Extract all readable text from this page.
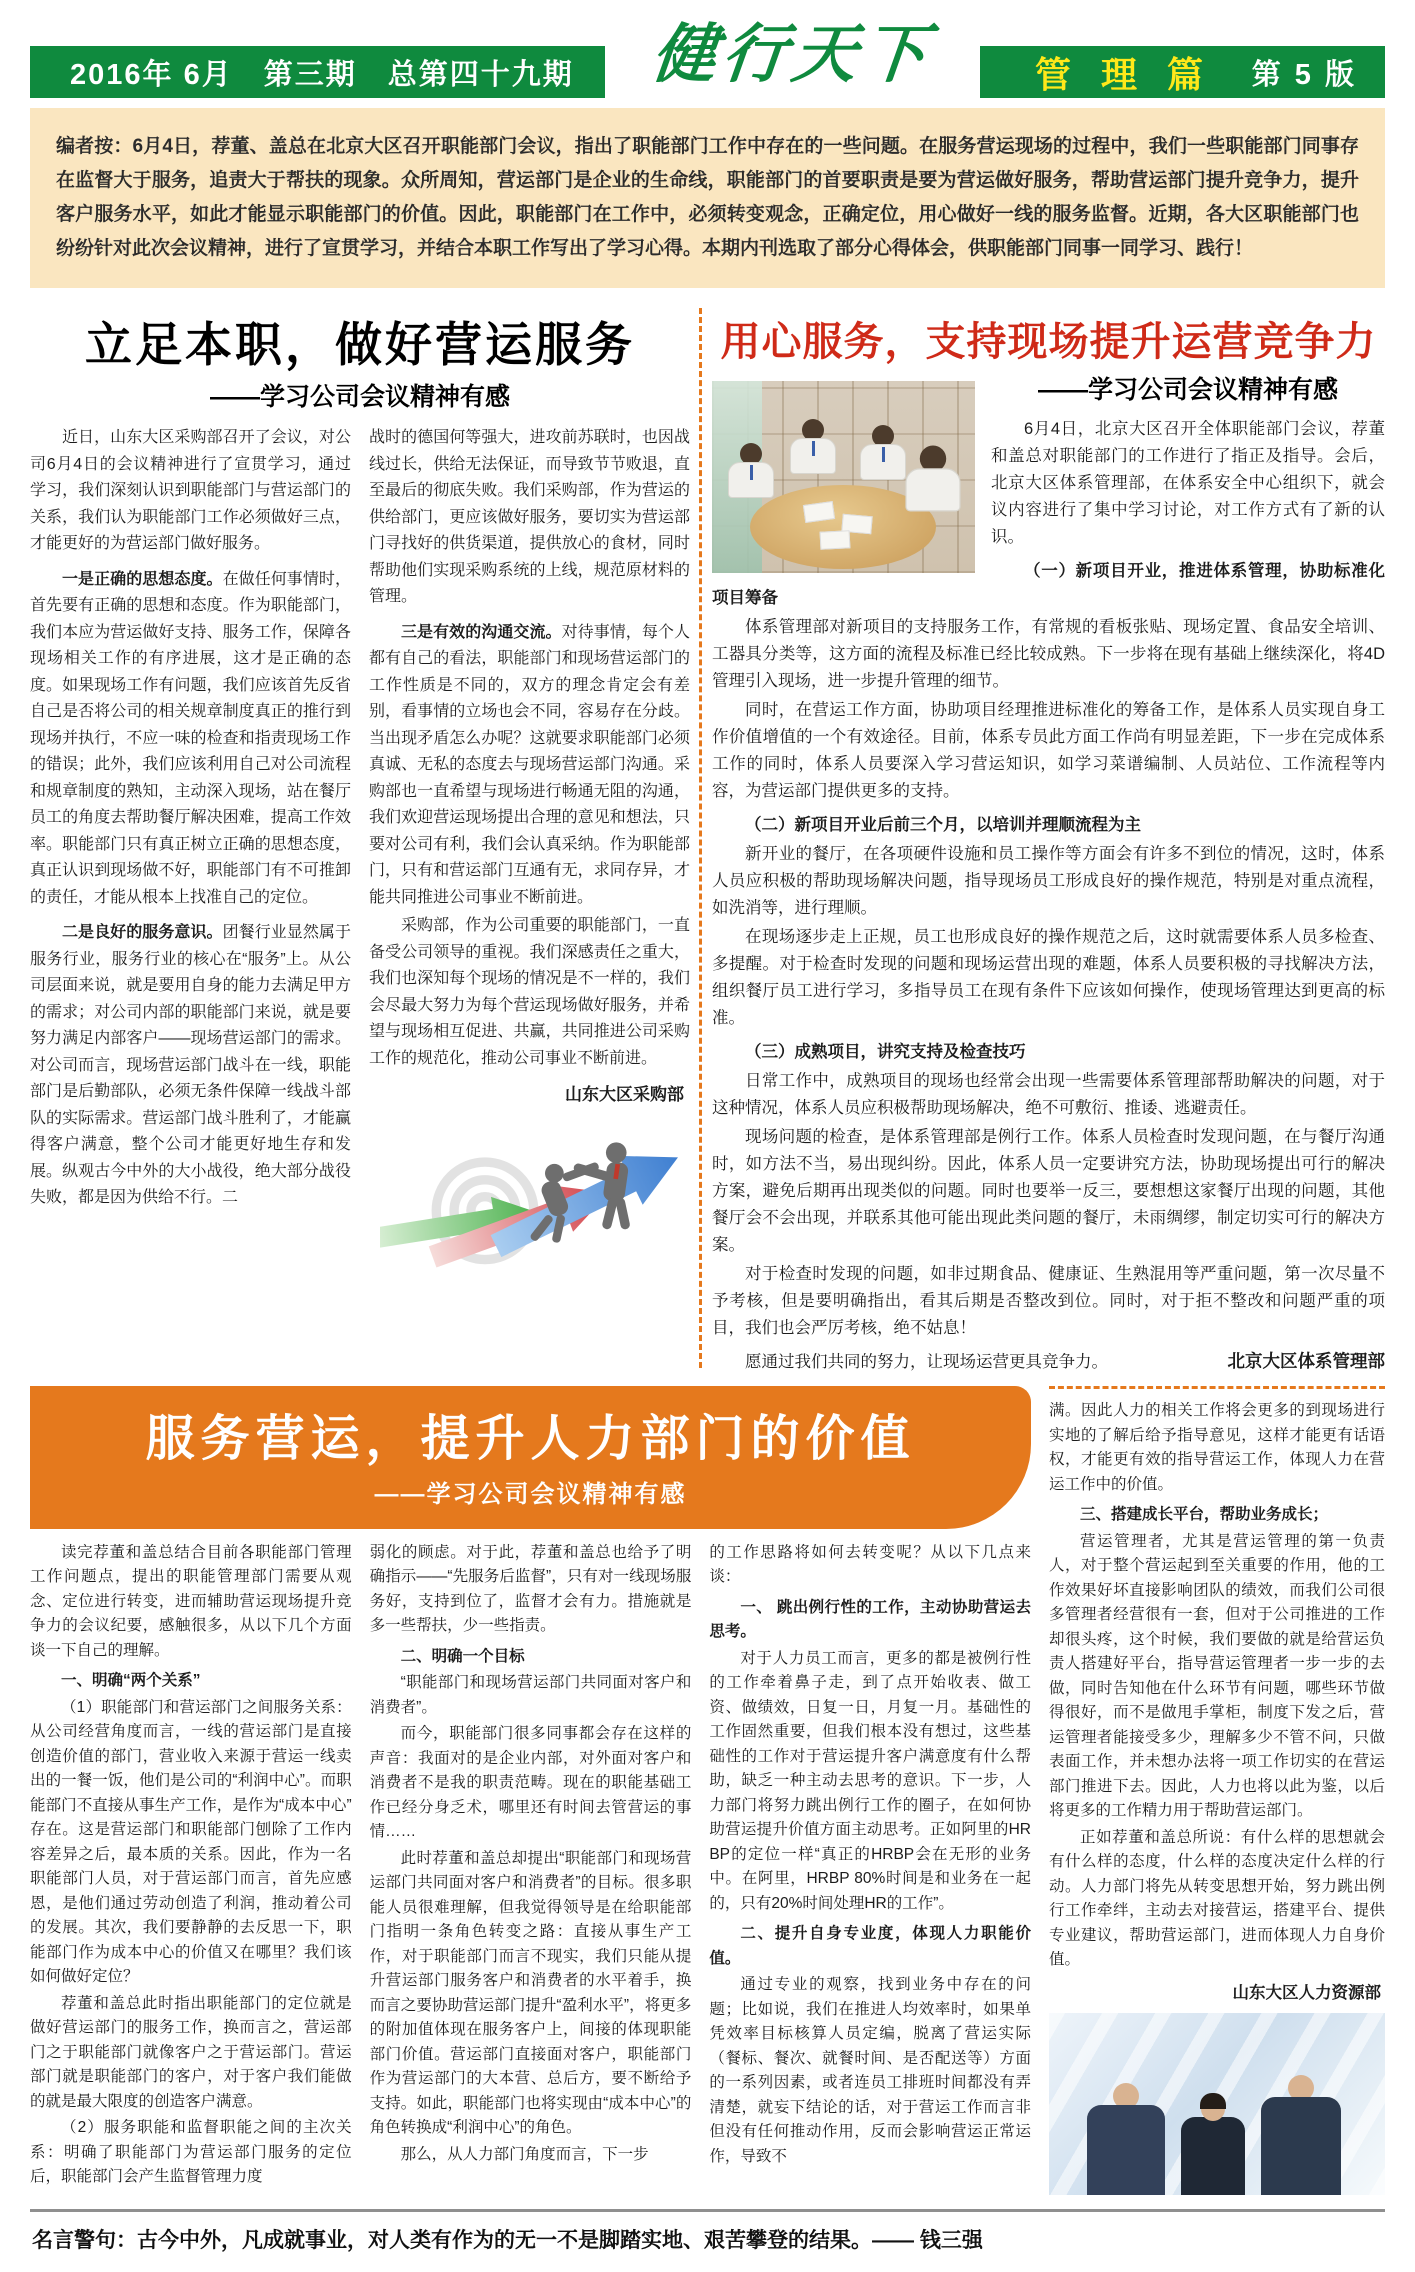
2016年 6月　第三期　总第四十九期	健行天下	管 理 篇 第 5 版

编者按：6月4日，荐董、盖总在北京大区召开职能部门会议，指出了职能部门工作中存在的一些问题。在服务营运现场的过程中，我们一些职能部门同事存在监督大于服务，追责大于帮扶的现象。众所周知，营运部门是企业的生命线，职能部门的首要职责是要为营运做好服务，帮助营运部门提升竞争力，提升客户服务水平，如此才能显示职能部门的价值。因此，职能部门在工作中，必须转变观念，正确定位，用心做好一线的服务监督。近期，各大区职能部门也纷纷针对此次会议精神，进行了宣贯学习，并结合本职工作写出了学习心得。本期内刊选取了部分心得体会，供职能部门同事一同学习、践行！

立足本职，做好营运服务
——学习公司会议精神有感

近日，山东大区采购部召开了会议，对公司6月4日的会议精神进行了宣贯学习，通过学习，我们深刻认识到职能部门与营运部门的关系，我们认为职能部门工作必须做好三点，才能更好的为营运部门做好服务。

一是正确的思想态度。在做任何事情时，首先要有正确的思想和态度。作为职能部门，我们本应为营运做好支持、服务工作，保障各现场相关工作的有序进展，这才是正确的态度。如果现场工作有问题，我们应该首先反省自己是否将公司的相关规章制度真正的推行到现场并执行，不应一味的检查和指责现场工作的错误；此外，我们应该利用自己对公司流程和规章制度的熟知，主动深入现场，站在餐厅员工的角度去帮助餐厅解决困难，提高工作效率。职能部门只有真正树立正确的思想态度，真正认识到现场做不好，职能部门有不可推卸的责任，才能从根本上找准自己的定位。

二是良好的服务意识。团餐行业显然属于服务行业，服务行业的核心在“服务”上。从公司层面来说，就是要用自身的能力去满足甲方的需求；对公司内部的职能部门来说，就是要努力满足内部客户——现场营运部门的需求。对公司而言，现场营运部门战斗在一线，职能部门是后勤部队，必须无条件保障一线战斗部队的实际需求。营运部门战斗胜利了，才能赢得客户满意，整个公司才能更好地生存和发展。纵观古今中外的大小战役，绝大部分战役失败，都是因为供给不行。二

战时的德国何等强大，进攻前苏联时，也因战线过长，供给无法保证，而导致节节败退，直至最后的彻底失败。我们采购部，作为营运的供给部门，更应该做好服务，要切实为营运部门寻找好的供货渠道，提供放心的食材，同时帮助他们实现采购系统的上线，规范原材料的管理。

三是有效的沟通交流。对待事情，每个人都有自己的看法，职能部门和现场营运部门的工作性质是不同的，双方的理念肯定会有差别，看事情的立场也会不同，容易存在分歧。当出现矛盾怎么办呢？这就要求职能部门必须真诚、无私的态度去与现场营运部门沟通。采购部也一直希望与现场进行畅通无阻的沟通，我们欢迎营运现场提出合理的意见和想法，只要对公司有利，我们会认真采纳。作为职能部门，只有和营运部门互通有无，求同存异，才能共同推进公司事业不断前进。

采购部，作为公司重要的职能部门，一直备受公司领导的重视。我们深感责任之重大，我们也深知每个现场的情况是不一样的，我们会尽最大努力为每个营运现场做好服务，并希望与现场相互促进、共赢，共同推进公司采购工作的规范化，推动公司事业不断前进。

山东大区采购部
用心服务，支持现场提升运营竞争力
——学习公司会议精神有感

6月4日，北京大区召开全体职能部门会议，荐董和盖总对职能部门的工作进行了指正及指导。会后，北京大区体系管理部，在体系安全中心组织下，就会议内容进行了集中学习讨论，对工作方式有了新的认识。

（一）新项目开业，推进体系管理，协助标准化项目筹备

体系管理部对新项目的支持服务工作，有常规的看板张贴、现场定置、食品安全培训、工器具分类等，这方面的流程及标准已经比较成熟。下一步将在现有基础上继续深化，将4D管理引入现场，进一步提升管理的细节。

同时，在营运工作方面，协助项目经理推进标准化的筹备工作，是体系人员实现自身工作价值增值的一个有效途径。目前，体系专员此方面工作尚有明显差距，下一步在完成体系工作的同时，体系人员要深入学习营运知识，如学习菜谱编制、人员站位、工作流程等内容，为营运部门提供更多的支持。

（二）新项目开业后前三个月，以培训并理顺流程为主

新开业的餐厅，在各项硬件设施和员工操作等方面会有许多不到位的情况，这时，体系人员应积极的帮助现场解决问题，指导现场员工形成良好的操作规范，特别是对重点流程，如洗消等，进行理顺。

在现场逐步走上正规，员工也形成良好的操作规范之后，这时就需要体系人员多检查、多提醒。对于检查时发现的问题和现场运营出现的难题，体系人员要积极的寻找解决方法，组织餐厅员工进行学习，多指导员工在现有条件下应该如何操作，使现场管理达到更高的标准。

（三）成熟项目，讲究支持及检查技巧

日常工作中，成熟项目的现场也经常会出现一些需要体系管理部帮助解决的问题，对于这种情况，体系人员应积极帮助现场解决，绝不可敷衍、推诿、逃避责任。

现场问题的检查，是体系管理部是例行工作。体系人员检查时发现问题，在与餐厅沟通时，如方法不当，易出现纠纷。因此，体系人员一定要讲究方法，协助现场提出可行的解决方案，避免后期再出现类似的问题。同时也要举一反三，要想想这家餐厅出现的问题，其他餐厅会不会出现，并联系其他可能出现此类问题的餐厅，未雨绸缪，制定切实可行的解决方案。

对于检查时发现的问题，如非过期食品、健康证、生熟混用等严重问题，第一次尽量不予考核，但是要明确指出，看其后期是否整改到位。同时，对于拒不整改和问题严重的项目，我们也会严厉考核，绝不姑息！

愿通过我们共同的努力，让现场运营更具竞争力。	北京大区体系管理部
服务营运，提升人力部门的价值
——学习公司会议精神有感

读完荐董和盖总结合目前各职能部门管理工作问题点，提出的职能管理部门需要从观念、定位进行转变，进而辅助营运现场提升竞争力的会议纪要，感触很多，从以下几个方面谈一下自己的理解。

一、明确“两个关系”

（1）职能部门和营运部门之间服务关系：从公司经营角度而言，一线的营运部门是直接创造价值的部门，营业收入来源于营运一线卖出的一餐一饭，他们是公司的“利润中心”。而职能部门不直接从事生产工作，是作为“成本中心”存在。这是营运部门和职能部门刨除了工作内容差异之后，最本质的关系。因此，作为一名职能部门人员，对于营运部门而言，首先应感恩，是他们通过劳动创造了利润，推动着公司的发展。其次，我们要静静的去反思一下，职能部门作为成本中心的价值又在哪里？我们该如何做好定位？

荐董和盖总此时指出职能部门的定位就是做好营运部门的服务工作，换而言之，营运部门之于职能部门就像客户之于营运部门。营运部门就是职能部门的客户，对于客户我们能做的就是最大限度的创造客户满意。

（2）服务职能和监督职能之间的主次关系：明确了职能部门为营运部门服务的定位后，职能部门会产生监督管理力度

弱化的顾虑。对于此，荐董和盖总也给予了明确指示——“先服务后监督”，只有对一线现场服务好，支持到位了，监督才会有力。措施就是多一些帮扶，少一些指责。

二、明确一个目标

“职能部门和现场营运部门共同面对客户和消费者”。

而今，职能部门很多同事都会存在这样的声音：我面对的是企业内部，对外面对客户和消费者不是我的职责范畴。现在的职能基础工作已经分身乏术，哪里还有时间去管营运的事情……

此时荐董和盖总却提出“职能部门和现场营运部门共同面对客户和消费者”的目标。很多职能人员很难理解，但我觉得领导是在给职能部门指明一条角色转变之路：直接从事生产工作，对于职能部门而言不现实，我们只能从提升营运部门服务客户和消费者的水平着手，换而言之要协助营运部门提升“盈利水平”，将更多的附加值体现在服务客户上，间接的体现职能部门价值。营运部门直接面对客户，职能部门作为营运部门的大本营、总后方，要不断给予支持。如此，职能部门也将实现由“成本中心”的角色转换成“利润中心”的角色。

那么，从人力部门角度而言，下一步

的工作思路将如何去转变呢？从以下几点来谈：

一、 跳出例行性的工作，主动协助营运去思考。

对于人力员工而言，更多的都是被例行性的工作牵着鼻子走，到了点开始收表、做工资、做绩效，日复一日，月复一月。基础性的工作固然重要，但我们根本没有想过，这些基础性的工作对于营运提升客户满意度有什么帮助，缺乏一种主动去思考的意识。下一步，人力部门将努力跳出例行工作的圈子，在如何协助营运提升价值方面主动思考。正如阿里的HRBP的定位一样“真正的HRBP会在无形的业务中。在阿里，HRBP 80%时间是和业务在一起的，只有20%时间处理HR的工作”。

二、提升自身专业度，体现人力职能价值。

通过专业的观察，找到业务中存在的问题；比如说，我们在推进人均效率时，如果单凭效率目标核算人员定编，脱离了营运实际（餐标、餐次、就餐时间、是否配送等）方面的一系列因素，或者连员工排班时间都没有弄清楚，就妄下结论的话，对于营运工作而言非但没有任何推动作用，反而会影响营运正常运作，导致不

满。因此人力的相关工作将会更多的到现场进行实地的了解后给予指导意见，这样才能更有话语权，才能更有效的指导营运工作，体现人力在营运工作中的价值。

三、搭建成长平台，帮助业务成长；

营运管理者，尤其是营运管理的第一负责人，对于整个营运起到至关重要的作用，他的工作效果好坏直接影响团队的绩效，而我们公司很多管理者经营很有一套，但对于公司推进的工作却很头疼，这个时候，我们要做的就是给营运负责人搭建好平台，指导营运管理者一步一步的去做，同时告知他在什么环节有问题，哪些环节做得很好，而不是做甩手掌柜，制度下发之后，营运管理者能接受多少，理解多少不管不问，只做表面工作，并未想办法将一项工作切实的在营运部门推进下去。因此，人力也将以此为鉴，以后将更多的工作精力用于帮助营运部门。

正如荐董和盖总所说：有什么样的思想就会有什么样的态度，什么样的态度决定什么样的行动。人力部门将先从转变思想开始，努力跳出例行工作牵绊，主动去对接营运，搭建平台、提供专业建议，帮助营运部门，进而体现人力自身价值。

山东大区人力资源部

名言警句：古今中外，凡成就事业，对人类有作为的无一不是脚踏实地、艰苦攀登的结果。—— 钱三强
